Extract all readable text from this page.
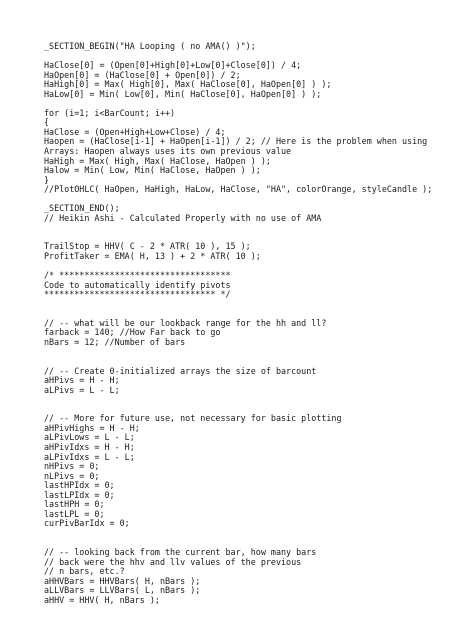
_SECTION_BEGIN("HA Looping ( no AMA() )");
HaClose[0] = (Open[0]+High[0]+Low[0]+Close[0]) / 4;
HaOpen[0] = (HaClose[0] + Open[0]) / 2;
HaHigh[0] = Max( High[0], Max( HaClose[0], HaOpen[0] ) );
HaLow[0] = Min( Low[0], Min( HaClose[0], HaOpen[0] ) );
for (i=1; i<BarCount; i++)
{
HaClose = (Open+High+Low+Close) / 4;
Haopen = (HaClose[i-1] + HaOpen[i-1]) / 2; // Here is the problem when using
Arrays: Haopen always uses its own previous value
HaHigh = Max( High, Max( HaClose, HaOpen ) );
Halow = Min( Low, Min( HaClose, HaOpen ) );
}
//PlotOHLC( HaOpen, HaHigh, HaLow, HaClose, "HA", colorOrange, styleCandle );
_SECTION_END();
// Heikin Ashi - Calculated Properly with no use of AMA
TrailStop = HHV( C - 2 * ATR( 10 ), 15 );
ProfitTaker = EMA( H, 13 ) + 2 * ATR( 10 );
/* **********************************
Code to automatically identify pivots
********************************** */
// -- what will be our lookback range for the hh and ll?
farback = 140; //How Far back to go
nBars = 12; //Number of bars
// -- Create 0-initialized arrays the size of barcount
aHPivs = H - H;
aLPivs = L - L;
// -- More for future use, not necessary for basic plotting
aHPivHighs = H - H;
aLPivLows = L - L;
aHPivIdxs = H - H;
aLPivIdxs = L - L;
nHPivs = 0;
nLPivs = 0;
lastHPIdx = 0;
lastLPIdx = 0;
lastHPH = 0;
lastLPL = 0;
curPivBarIdx = 0;
// -- looking back from the current bar, how many bars
// back were the hhv and llv values of the previous
// n bars, etc.?
aHHVBars = HHVBars( H, nBars );
aLLVBars = LLVBars( L, nBars );
aHHV = HHV( H, nBars );
